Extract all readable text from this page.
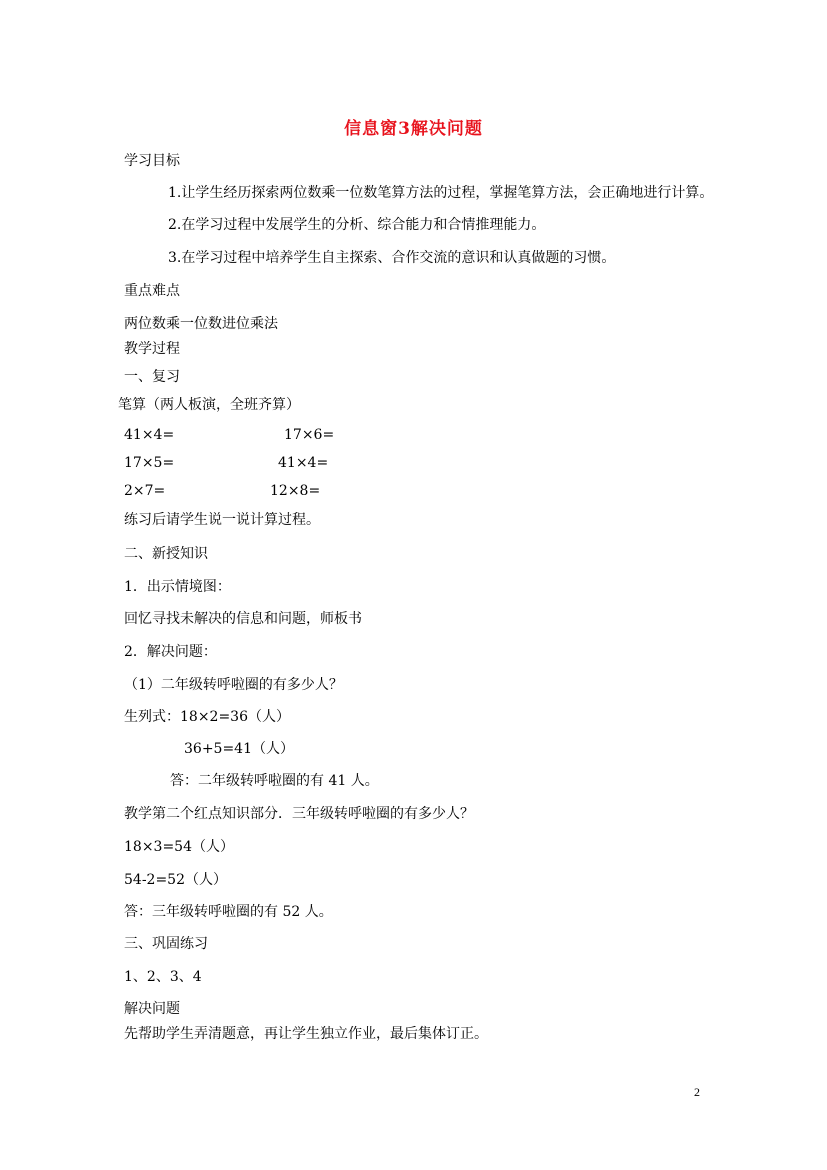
信息窗3解决问题
学习目标
1.让学生经历探索两位数乘一位数笔算方法的过程，掌握笔算方法，会正确地进行计算。
2.在学习过程中发展学生的分析、综合能力和合情推理能力。
3.在学习过程中培养学生自主探索、合作交流的意识和认真做题的习惯。
重点难点
两位数乘一位数进位乘法
教学过程
一、复习
笔算（两人板演，全班齐算）
41×4=	17×6=
17×5=	41×4=
2×7=	12×8=
练习后请学生说一说计算过程。
二、新授知识
1．出示情境图：
回忆寻找未解决的信息和问题，师板书
2．解决问题：
（1）二年级转呼啦圈的有多少人？
生列式：18×2=36（人）
36+5=41（人）
答：二年级转呼啦圈的有 41 人。
教学第二个红点知识部分．三年级转呼啦圈的有多少人？
18×3=54（人）
54-2=52（人）
答：三年级转呼啦圈的有 52 人。
三、巩固练习
1、2、3、4
解决问题
先帮助学生弄清题意，再让学生独立作业，最后集体订正。
2
